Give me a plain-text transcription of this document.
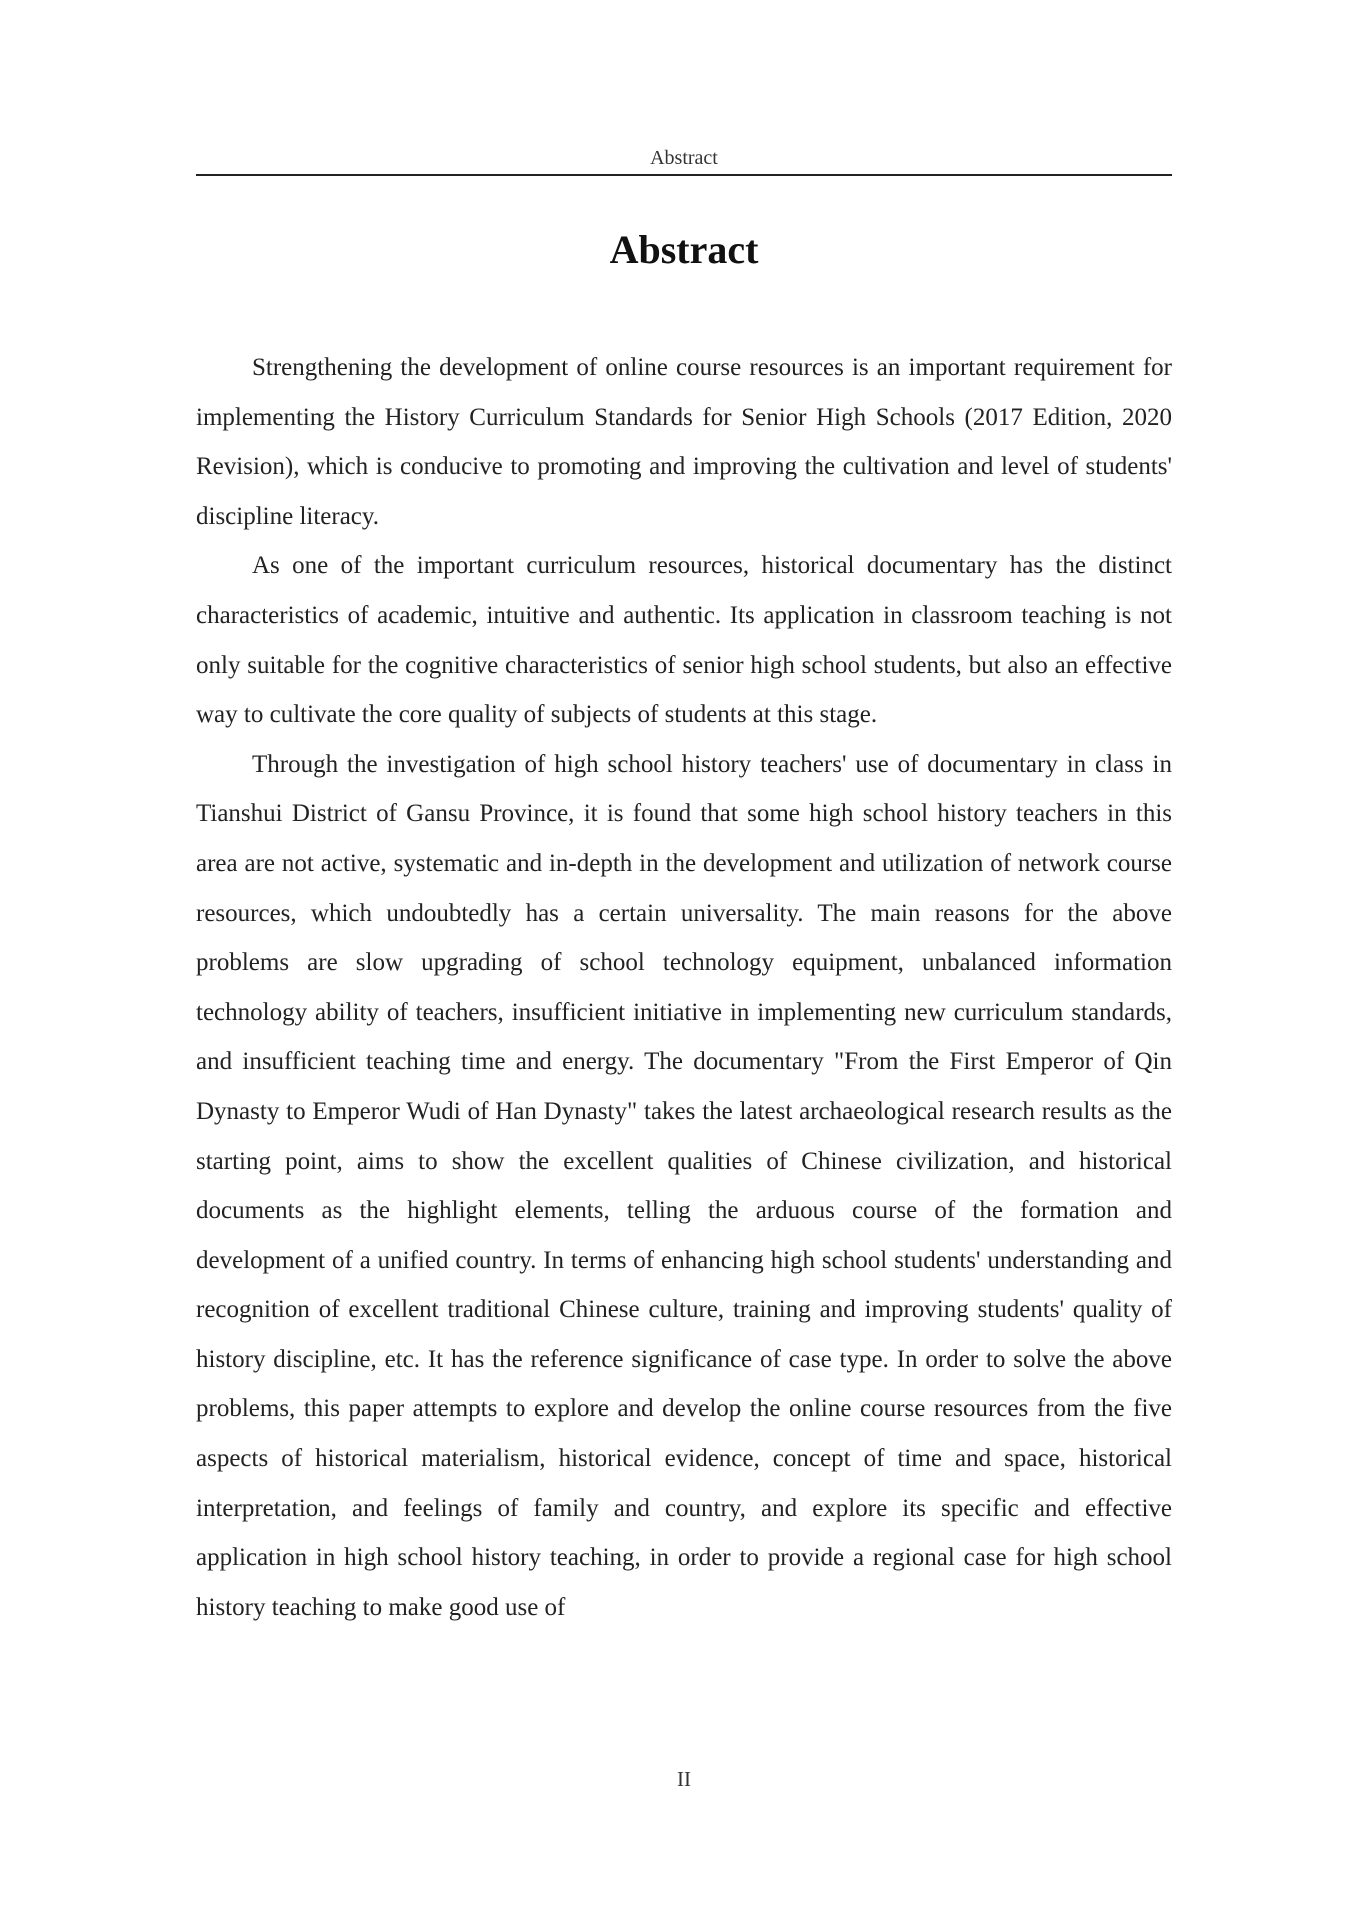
Abstract
Abstract

Strengthening the development of online course resources is an important requirement for implementing the History Curriculum Standards for Senior High Schools (2017 Edition, 2020 Revision), which is conducive to promoting and improving the cultivation and level of students' discipline literacy.

As one of the important curriculum resources, historical documentary has the distinct characteristics of academic, intuitive and authentic. Its application in classroom teaching is not only suitable for the cognitive characteristics of senior high school students, but also an effective way to cultivate the core quality of subjects of students at this stage.

Through the investigation of high school history teachers' use of documentary in class in Tianshui District of Gansu Province, it is found that some high school history teachers in this area are not active, systematic and in-depth in the development and utilization of network course resources, which undoubtedly has a certain universality. The main reasons for the above problems are slow upgrading of school technology equipment, unbalanced information technology ability of teachers, insufficient initiative in implementing new curriculum standards, and insufficient teaching time and energy. The documentary "From the First Emperor of Qin Dynasty to Emperor Wudi of Han Dynasty" takes the latest archaeological research results as the starting point, aims to show the excellent qualities of Chinese civilization, and historical documents as the highlight elements, telling the arduous course of the formation and development of a unified country. In terms of enhancing high school students' understanding and recognition of excellent traditional Chinese culture, training and improving students' quality of history discipline, etc. It has the reference significance of case type. In order to solve the above problems, this paper attempts to explore and develop the online course resources from the five aspects of historical materialism, historical evidence, concept of time and space, historical interpretation, and feelings of family and country, and explore its specific and effective application in high school history teaching, in order to provide a regional case for high school history teaching to make good use of

II
